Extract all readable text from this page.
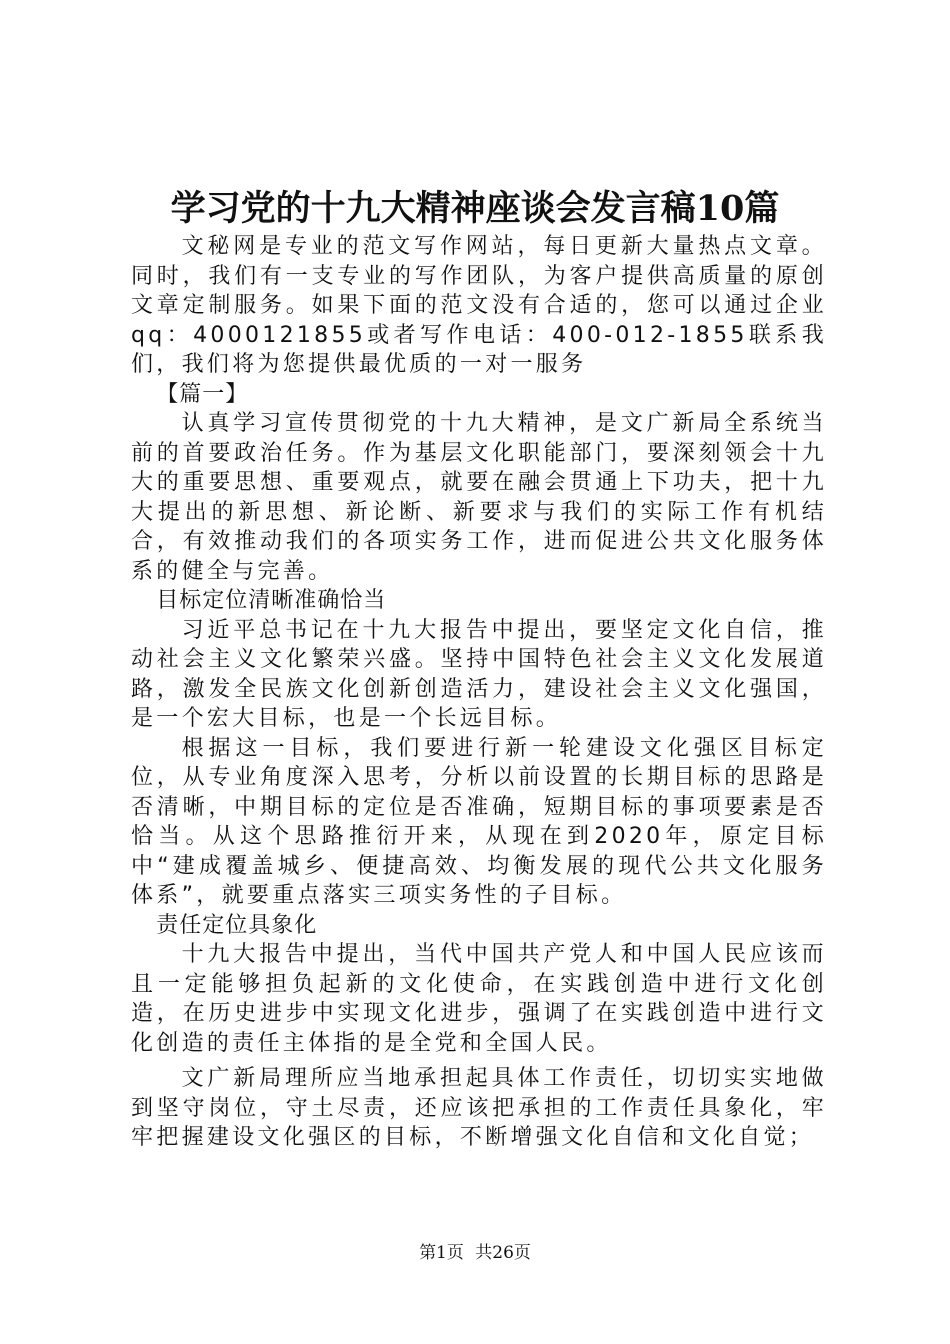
学习党的十九大精神座谈会发言稿10篇

文秘网是专业的范文写作网站，每日更新大量热点文章。同时，我们有一支专业的写作团队，为客户提供高质量的原创文章定制服务。如果下面的范文没有合适的，您可以通过企业qq：4000121855或者写作电话：400-012-1855联系我们，我们将为您提供最优质的一对一服务

【篇一】

认真学习宣传贯彻党的十九大精神，是文广新局全系统当前的首要政治任务。作为基层文化职能部门，要深刻领会十九大的重要思想、重要观点，就要在融会贯通上下功夫，把十九大提出的新思想、新论断、新要求与我们的实际工作有机结合，有效推动我们的各项实务工作，进而促进公共文化服务体系的健全与完善。

目标定位清晰准确恰当

习近平总书记在十九大报告中提出，要坚定文化自信，推动社会主义文化繁荣兴盛。坚持中国特色社会主义文化发展道路，激发全民族文化创新创造活力，建设社会主义文化强国，是一个宏大目标，也是一个长远目标。

根据这一目标，我们要进行新一轮建设文化强区目标定位，从专业角度深入思考，分析以前设置的长期目标的思路是否清晰，中期目标的定位是否准确，短期目标的事项要素是否恰当。从这个思路推衍开来，从现在到2020年，原定目标中“建成覆盖城乡、便捷高效、均衡发展的现代公共文化服务体系”，就要重点落实三项实务性的子目标。

责任定位具象化

十九大报告中提出，当代中国共产党人和中国人民应该而且一定能够担负起新的文化使命，在实践创造中进行文化创造，在历史进步中实现文化进步，强调了在实践创造中进行文化创造的责任主体指的是全党和全国人民。

文广新局理所应当地承担起具体工作责任，切切实实地做到坚守岗位，守土尽责，还应该把承担的工作责任具象化，牢牢把握建设文化强区的目标，不断增强文化自信和文化自觉；

第1页 共26页
